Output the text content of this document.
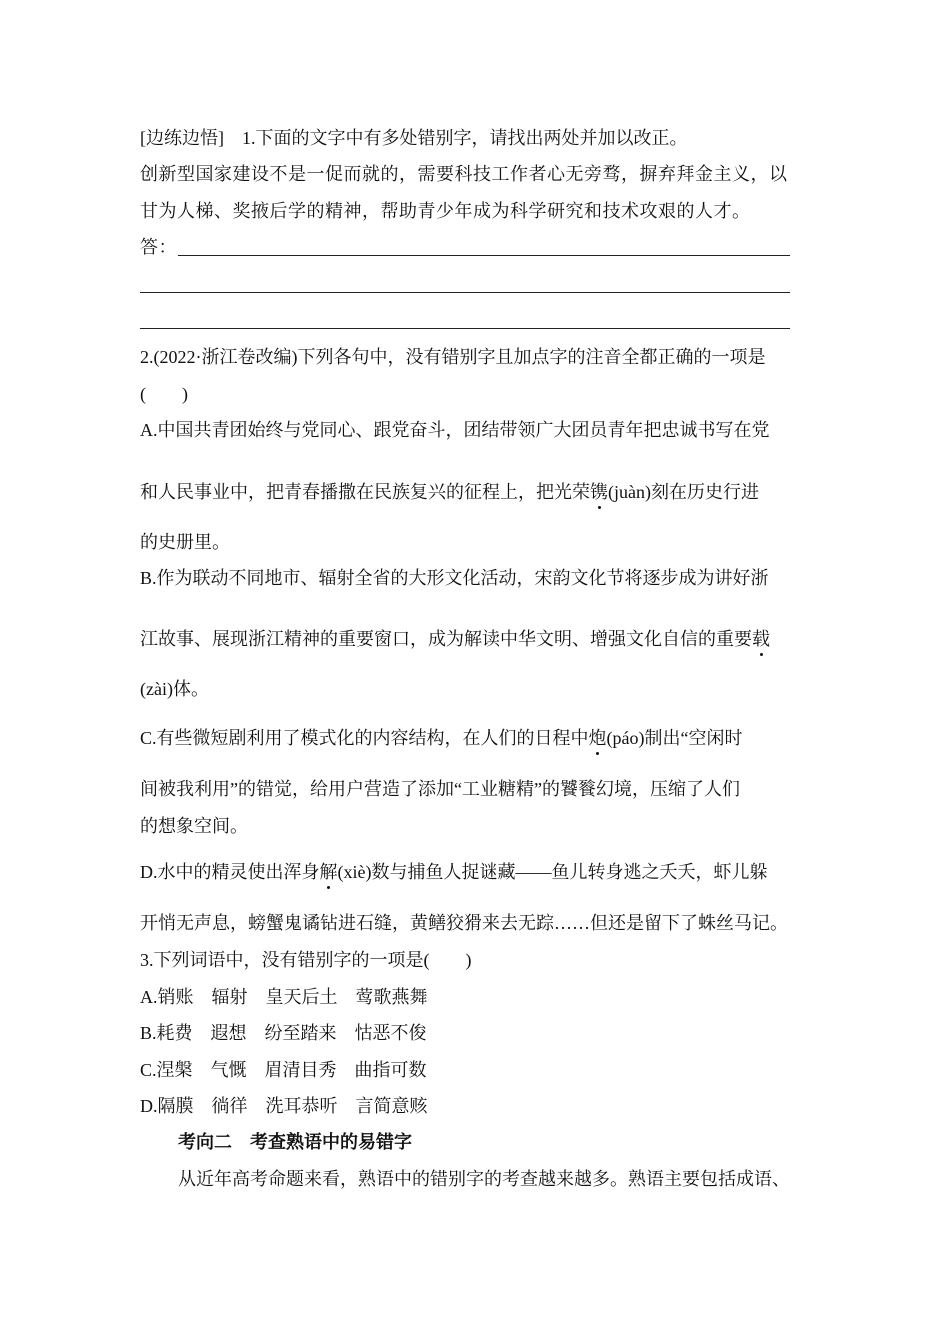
[边练边悟] 1.下面的文字中有多处错别字，请找出两处并加以改正。
创新型国家建设不是一促而就的，需要科技工作者心无旁骛，摒弃拜金主义，以
甘为人梯、奖掖后学的精神，帮助青少年成为科学研究和技术攻艰的人才。
答：
2.(2022·浙江卷改编)下列各句中，没有错别字且加点字的注音全都正确的一项是
(　　)
A.中国共青团始终与党同心、跟党奋斗，团结带领广大团员青年把忠诚书写在党
和人民事业中，把青春播撒在民族复兴的征程上，把光荣镌(juàn)刻在历史行进
的史册里。
B.作为联动不同地市、辐射全省的大形文化活动，宋韵文化节将逐步成为讲好浙
江故事、展现浙江精神的重要窗口，成为解读中华文明、增强文化自信的重要载
(zài)体。
C.有些微短剧利用了模式化的内容结构，在人们的日程中炮(páo)制出“空闲时
间被我利用”的错觉，给用户营造了添加“工业糖精”的饕餮幻境，压缩了人们
的想象空间。
D.水中的精灵使出浑身解(xiè)数与捕鱼人捉谜藏——鱼儿转身逃之夭夭，虾儿躲
开悄无声息，螃蟹鬼谲钻进石缝，黄鳝狡猾来去无踪……但还是留下了蛛丝马记。
3.下列词语中，没有错别字的一项是(　　)
A.销账 辐射 皇天后土 莺歌燕舞
B.耗费 遐想 纷至踏来 怙恶不俊
C.涅槃 气慨 眉清目秀 曲指可数
D.隔膜 徜徉 洗耳恭听 言简意赅
考向二　考查熟语中的易错字
从近年高考命题来看，熟语中的错别字的考查越来越多。熟语主要包括成语、
